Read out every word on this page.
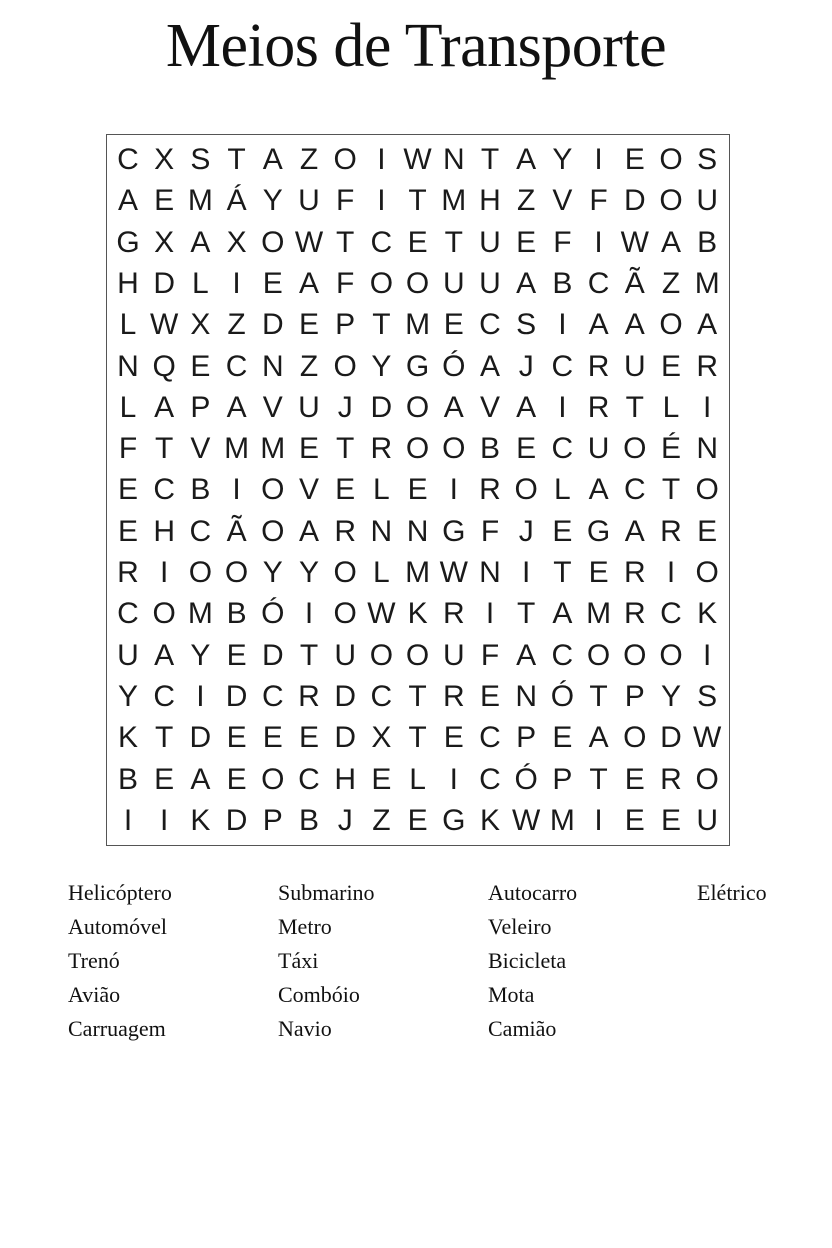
Meios de Transporte
C X S T A Z O I W N T A Y I E O S
A E M Á Y U F I T M H Z V F D O U
G X A X O W T C E T U E F I W A B
H D L I E A F O O U U A B C Ã Z M
L W X Z D E P T M E C S I A A O A
N Q E C N Z O Y G Ó A J C R U E R
L A P A V U J D O A V A I R T L I
F T V M M E T R O O B E C U O É N
E C B I O V E L E I R O L A C T O
E H C Ã O A R N N G F J E G A R E
R I O O Y Y O L M W N I T E R I O
C O M B Ó I O W K R I T A M R C K
U A Y E D T U O O U F A C O O O I
Y C I D C R D C T R E N Ó T P Y S
K T D E E E D X T E C P E A O D W
B E A E O C H E L I C Ó P T E R O
I I K D P B J Z E G K W M I E E U
Helicóptero
Automóvel
Trenó
Avião
Carruagem
Submarino
Metro
Táxi
Combóio
Navio
Autocarro
Veleiro
Bicicleta
Mota
Camião
Elétrico
